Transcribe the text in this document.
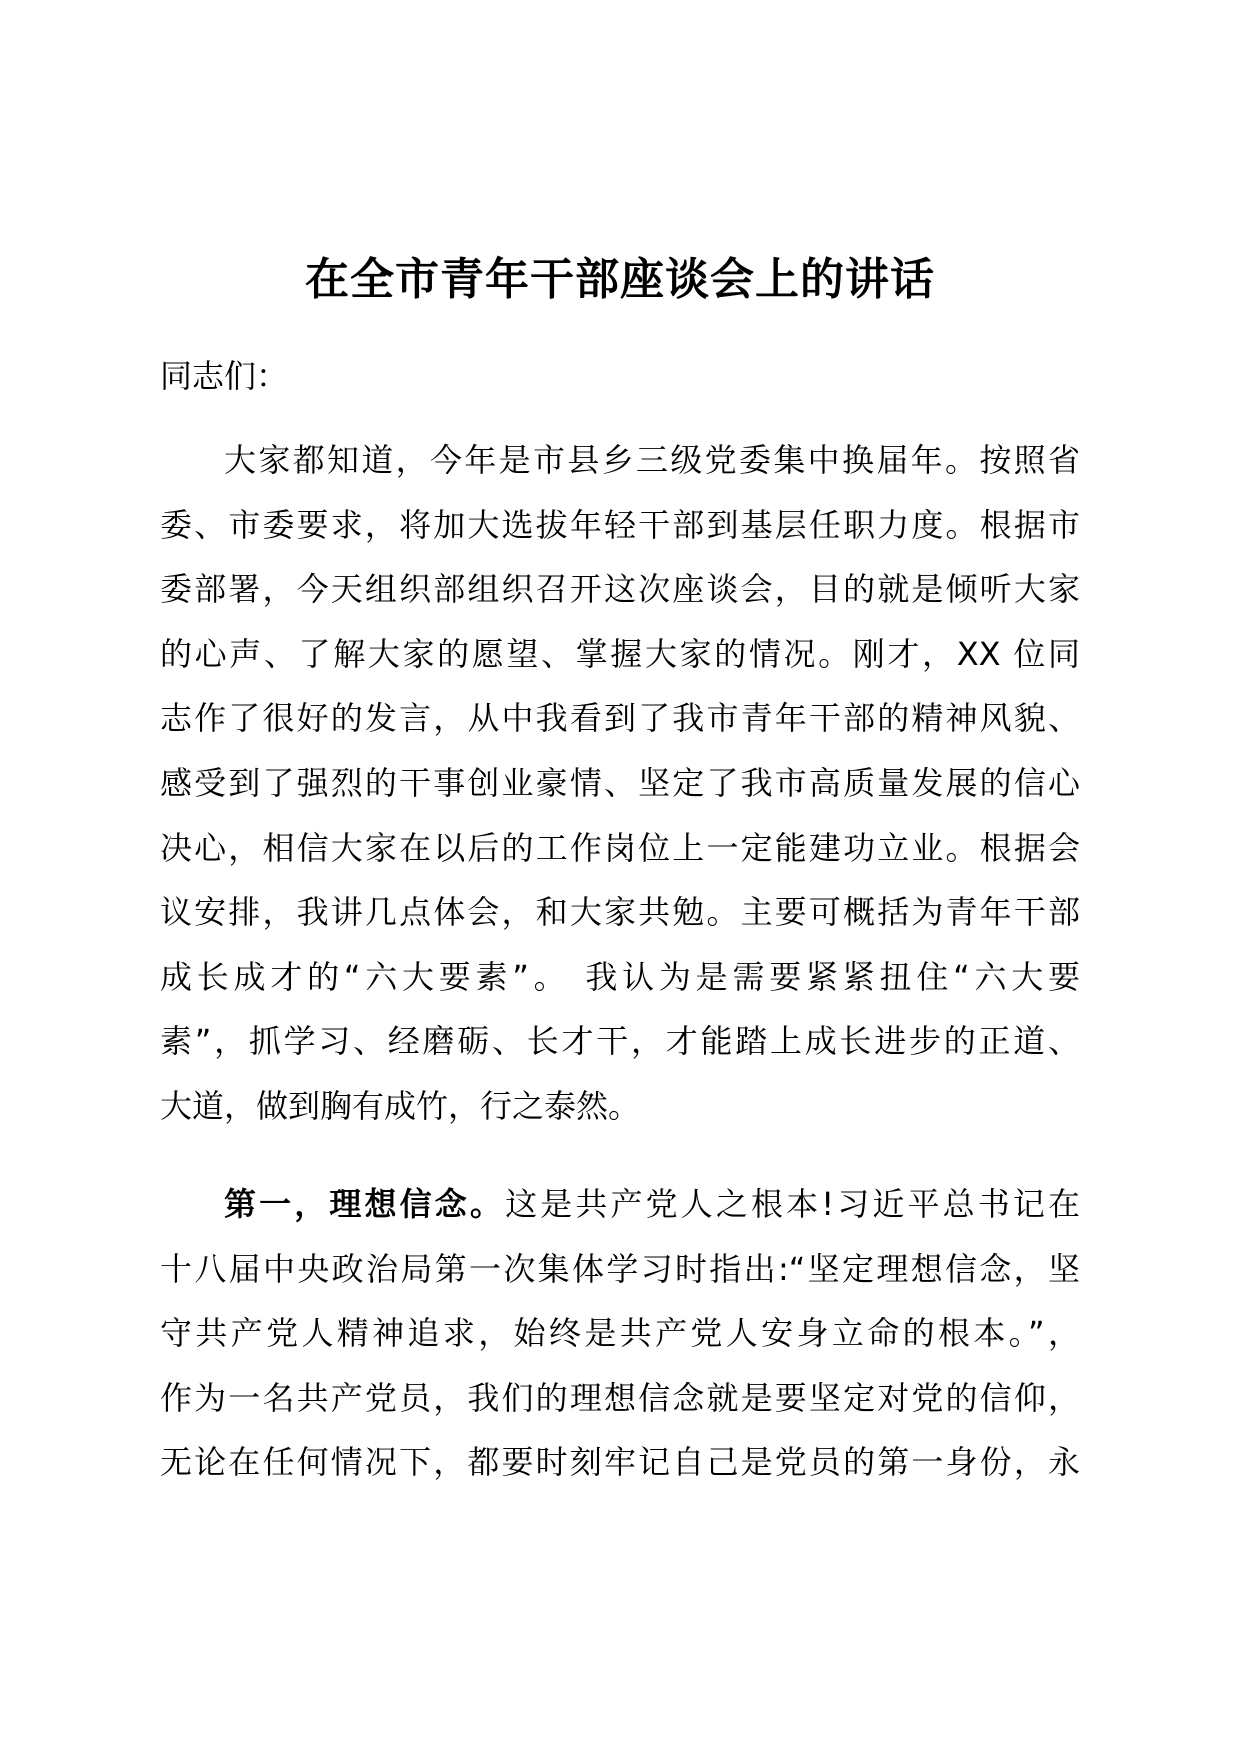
在全市青年干部座谈会上的讲话

同志们：

大家都知道，今年是市县乡三级党委集中换届年。按照省
委、市委要求，将加大选拔年轻干部到基层任职力度。根据市
委部署，今天组织部组织召开这次座谈会，目的就是倾听大家
的心声、了解大家的愿望、掌握大家的情况。刚才，XX 位同
志作了很好的发言，从中我看到了我市青年干部的精神风貌、
感受到了强烈的干事创业豪情、坚定了我市高质量发展的信心
决心，相信大家在以后的工作岗位上一定能建功立业。根据会
议安排，我讲几点体会，和大家共勉。主要可概括为青年干部
成长成才的“六大要素”。 我认为是需要紧紧扭住“六大要
素”，抓学习、经磨砺、长才干，才能踏上成长进步的正道、
大道，做到胸有成竹，行之泰然。
第一，理想信念。这是共产党人之根本!习近平总书记在
十八届中央政治局第一次集体学习时指出:“坚定理想信念，坚
守共产党人精神追求，始终是共产党人安身立命的根本。”，
作为一名共产党员，我们的理想信念就是要坚定对党的信仰，
无论在任何情况下，都要时刻牢记自己是党员的第一身份，永
